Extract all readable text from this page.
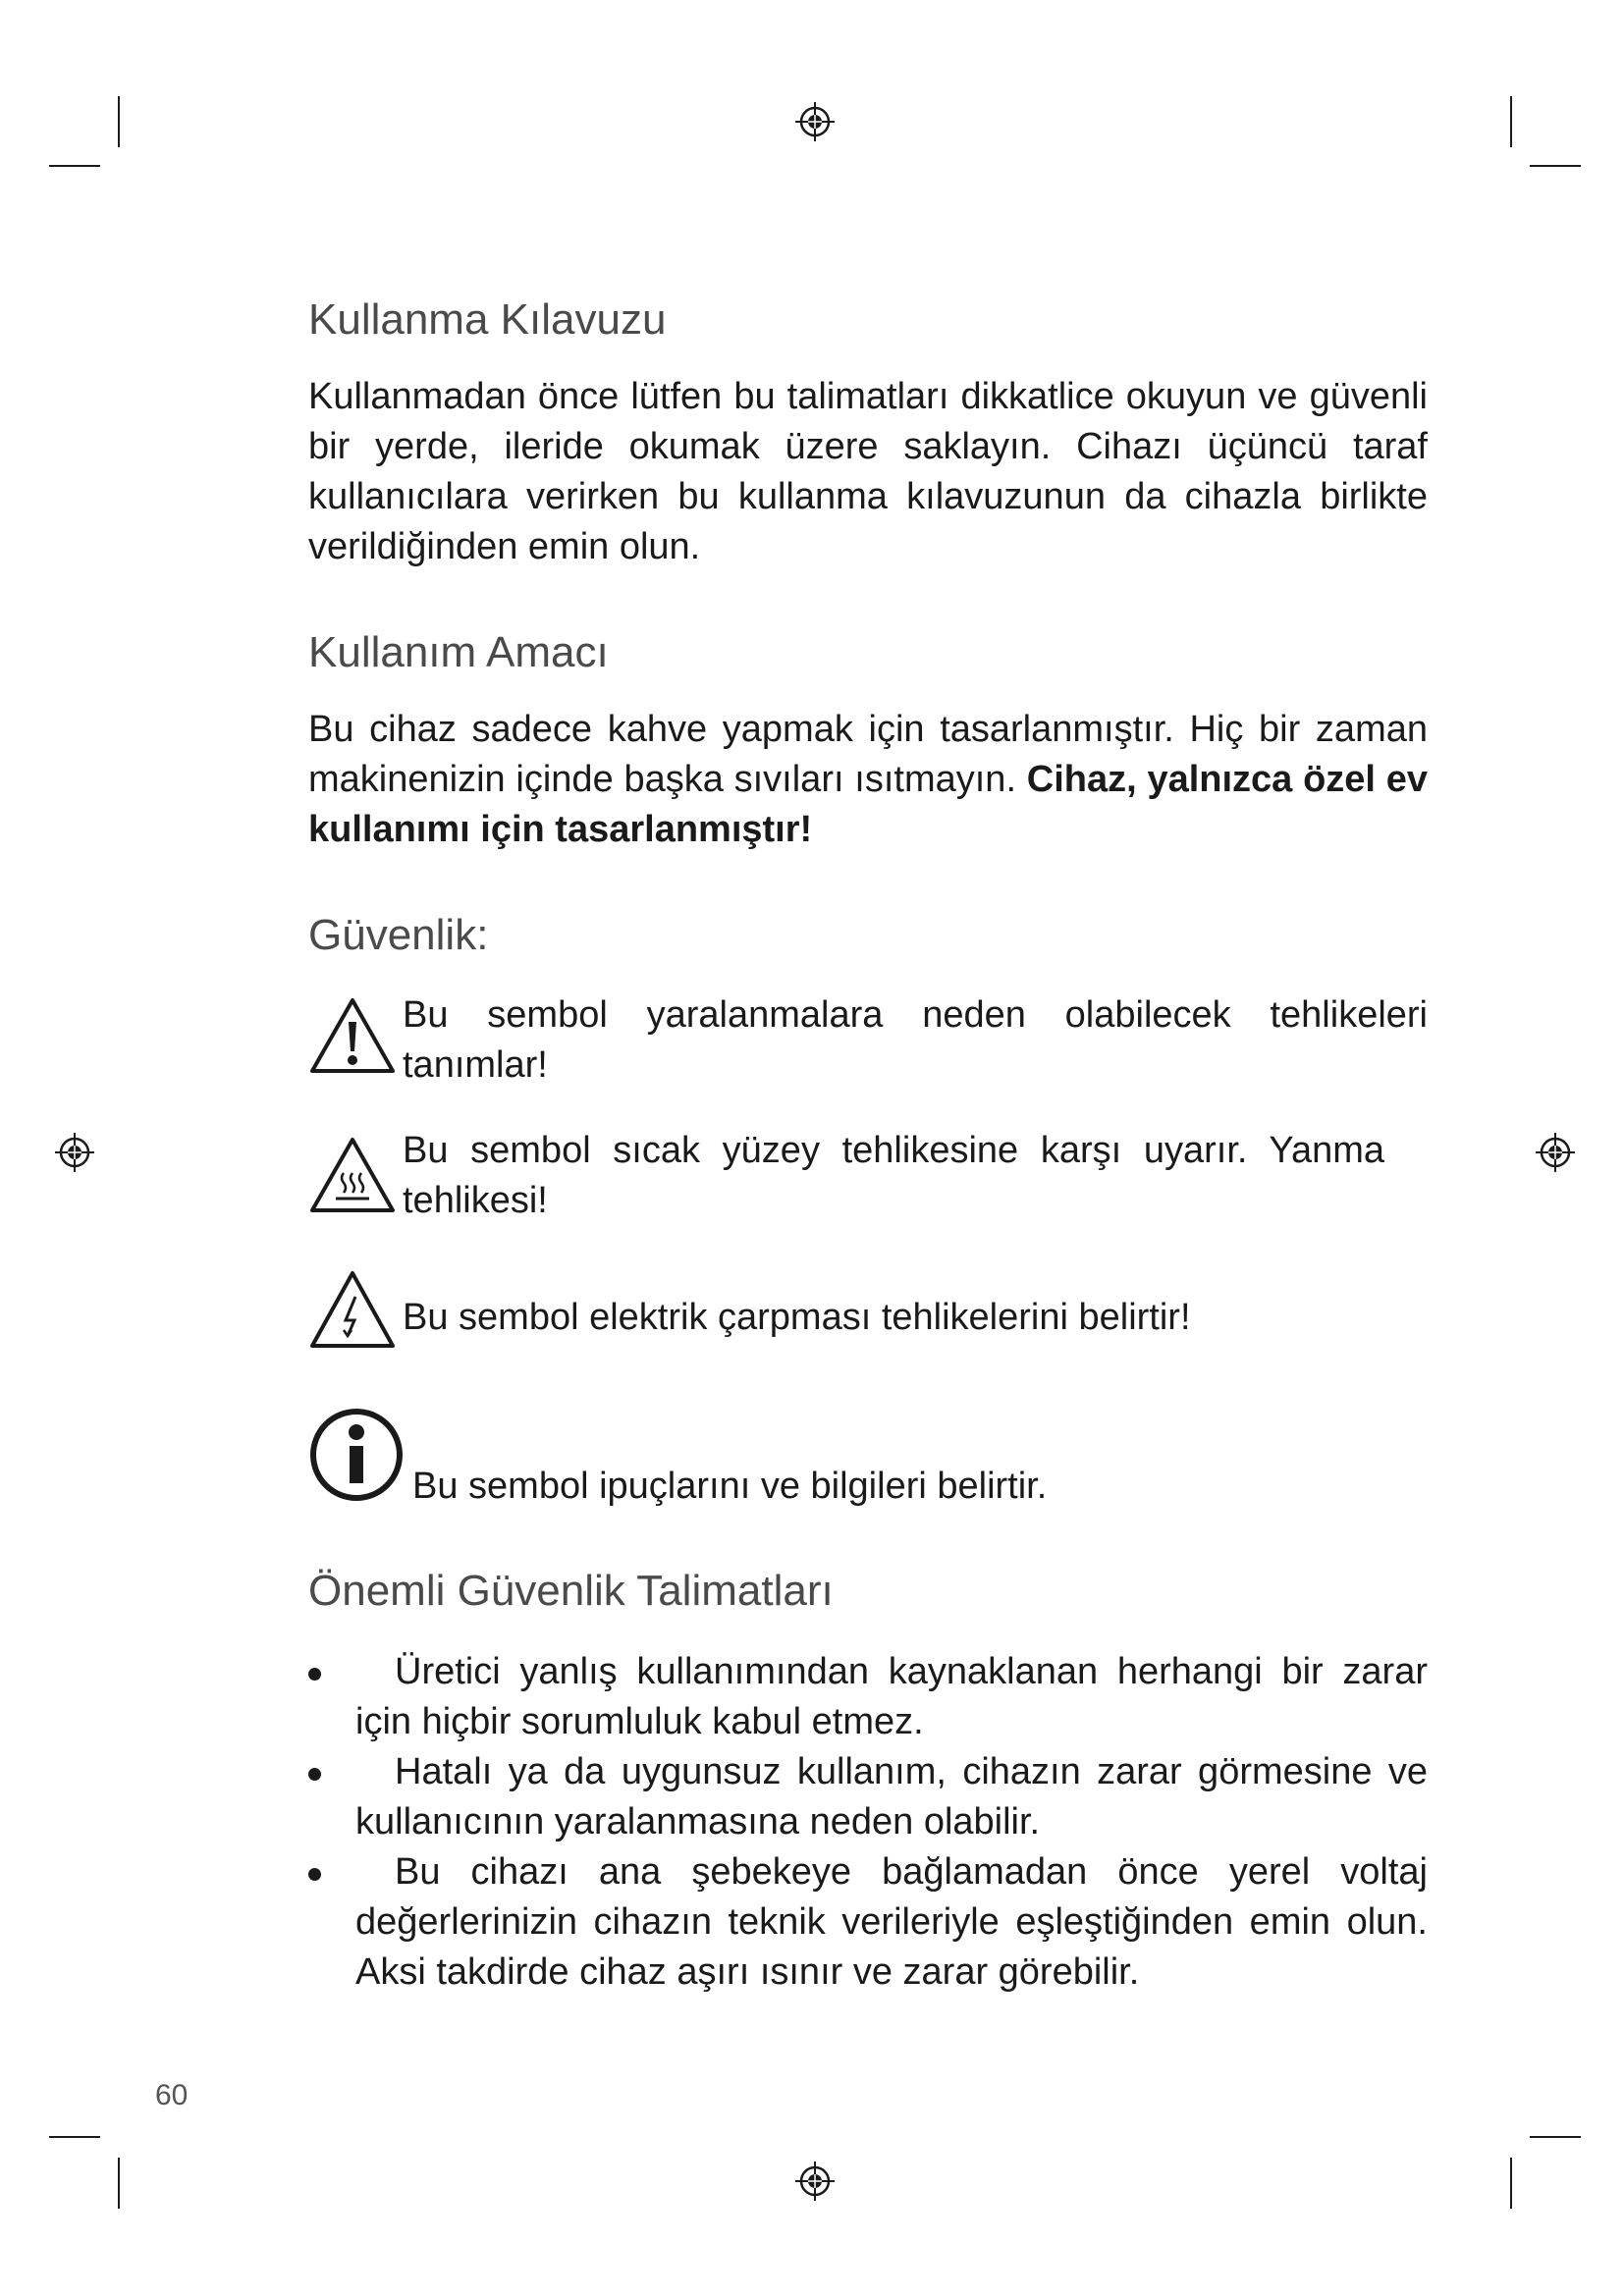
Kullanma Kılavuzu

Kullanmadan önce lütfen bu talimatları dikkatlice okuyun ve güvenli bir yerde, ileride okumak üzere saklayın. Cihazı üçüncü taraf kullanıcılara verirken bu kullanma kılavuzunun da cihazla birlikte verildiğinden emin olun.

Kullanım Amacı

Bu cihaz sadece kahve yapmak için tasarlanmıştır. Hiç bir zaman makinenizin içinde başka sıvıları ısıtmayın. Cihaz, yalnızca özel ev kullanımı için tasarlanmıştır!

Güvenlik:
Bu sembol yaralanmalara neden olabilecek tehlikeleri tanımlar!
Bu sembol sıcak yüzey tehlikesine karşı uyarır. Yanma tehlikesi!
Bu sembol elektrik çarpması tehlikelerini belirtir!
Bu sembol ipuçlarını ve bilgileri belirtir.
Önemli Güvenlik Talimatları
Üretici yanlış kullanımından kaynaklanan herhangi bir zarar için hiçbir sorumluluk kabul etmez.
Hatalı ya da uygunsuz kullanım, cihazın zarar görmesine ve kullanıcının yaralanmasına neden olabilir.
Bu cihazı ana şebekeye bağlamadan önce yerel voltaj değerlerinizin cihazın teknik verileriyle eşleştiğinden emin olun. Aksi takdirde cihaz aşırı ısınır ve zarar görebilir.
60
